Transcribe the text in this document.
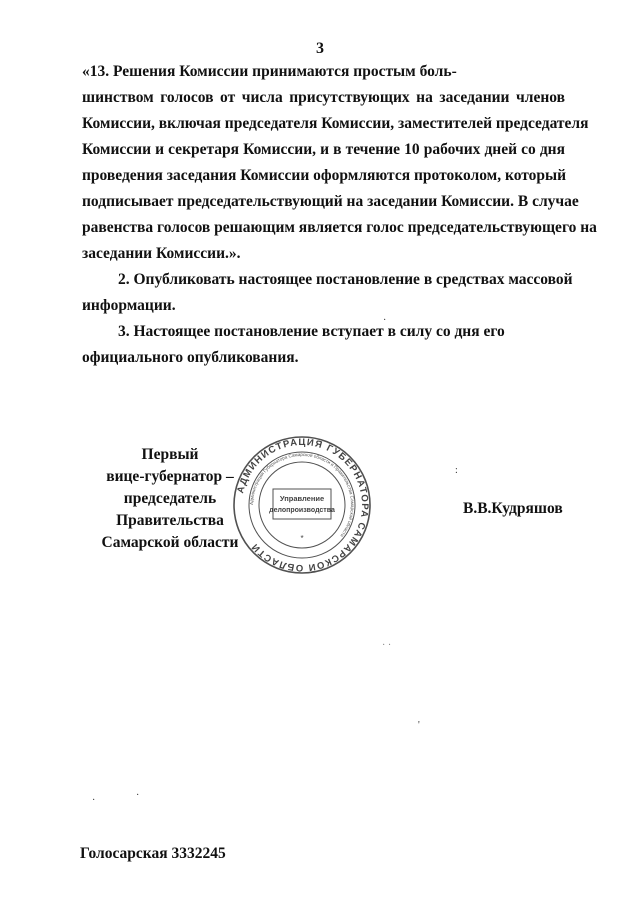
3
«13. Решения Комиссии принимаются простым боль-
шинством голосов от числа присутствующих на заседании членов
Комиссии, включая председателя Комиссии, заместителей председателя
Комиссии и секретаря Комиссии, и в течение 10 рабочих дней со дня
проведения заседания Комиссии оформляются протоколом, который
подписывает председательствующий на заседании Комиссии. В случае
равенства голосов решающим является голос председательствующего на
заседании Комиссии.».
2. Опубликовать настоящее постановление в средствах массовой
информации.
3. Настоящее постановление вступает в силу со дня его
официального опубликования.
Первый
вице-губернатор –
председатель Правительства
Самарской области
В.В.Кудряшов
АДМИНИСТРАЦИЯ ГУБЕРНАТОРА САМАРСКОЙ ОБЛАСТИ
Администрация Губернатора Самарской области и Правительства Самарской области
Управление
делопроизводства
*
:
·
'
·
·
· ·
Голосарская 3332245
